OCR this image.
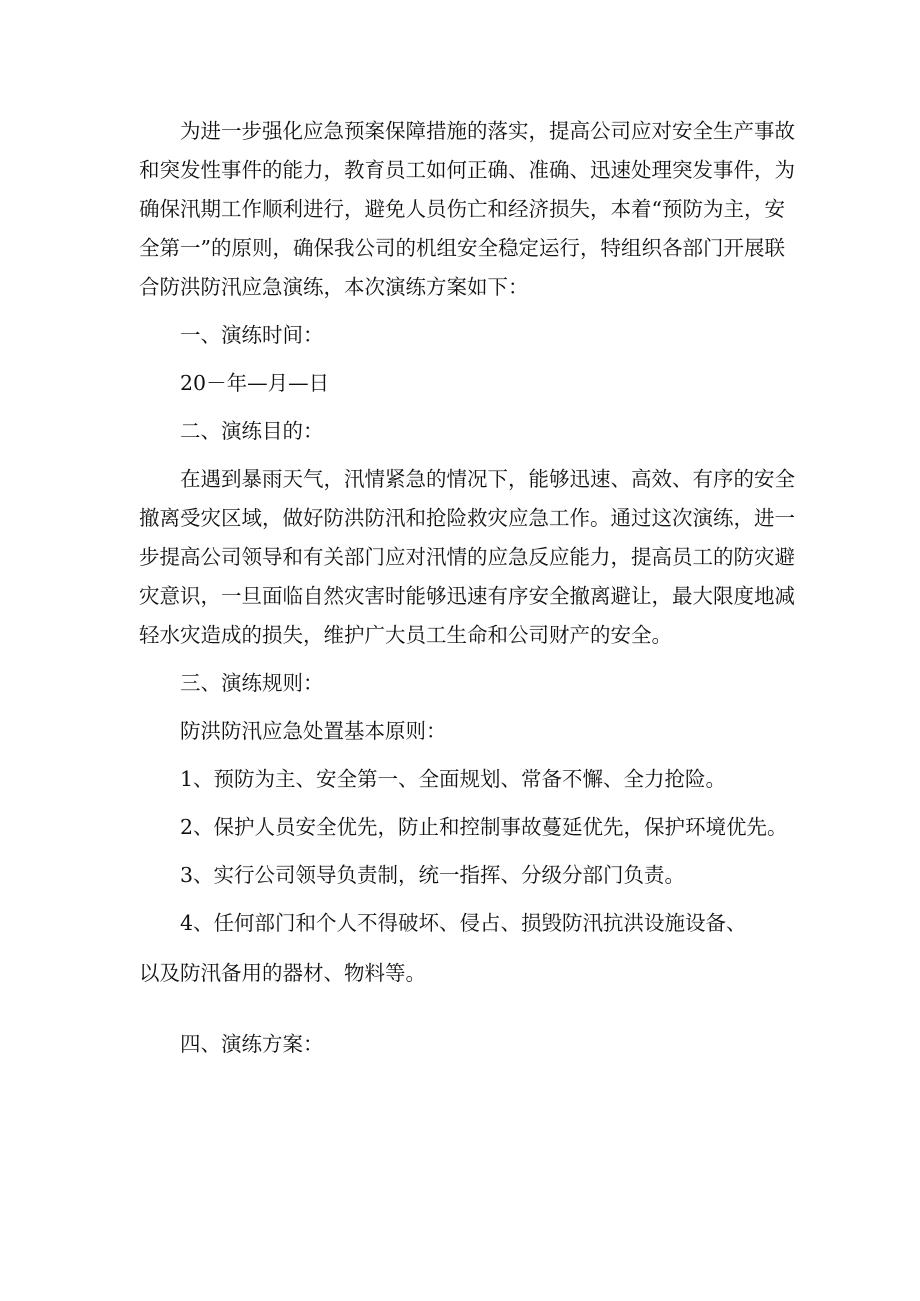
为进一步强化应急预案保障措施的落实，提高公司应对安全生产事故

和突发性事件的能力，教育员工如何正确、准确、迅速处理突发事件，为

确保汛期工作顺利进行，避免人员伤亡和经济损失，本着“预防为主，安

全第一”的原则，确保我公司的机组安全稳定运行，特组织各部门开展联

合防洪防汛应急演练，本次演练方案如下：

一、演练时间：

20－年—月—日

二、演练目的：

在遇到暴雨天气，汛情紧急的情况下，能够迅速、高效、有序的安全

撤离受灾区域，做好防洪防汛和抢险救灾应急工作。通过这次演练，进一

步提高公司领导和有关部门应对汛情的应急反应能力，提高员工的防灾避

灾意识，一旦面临自然灾害时能够迅速有序安全撤离避让，最大限度地减

轻水灾造成的损失，维护广大员工生命和公司财产的安全。

三、演练规则：

防洪防汛应急处置基本原则：

1、预防为主、安全第一、全面规划、常备不懈、全力抢险。

2、保护人员安全优先，防止和控制事故蔓延优先，保护环境优先。

3、实行公司领导负责制，统一指挥、分级分部门负责。

4、任何部门和个人不得破坏、侵占、损毁防汛抗洪设施设备、

以及防汛备用的器材、物料等。

四、演练方案：
